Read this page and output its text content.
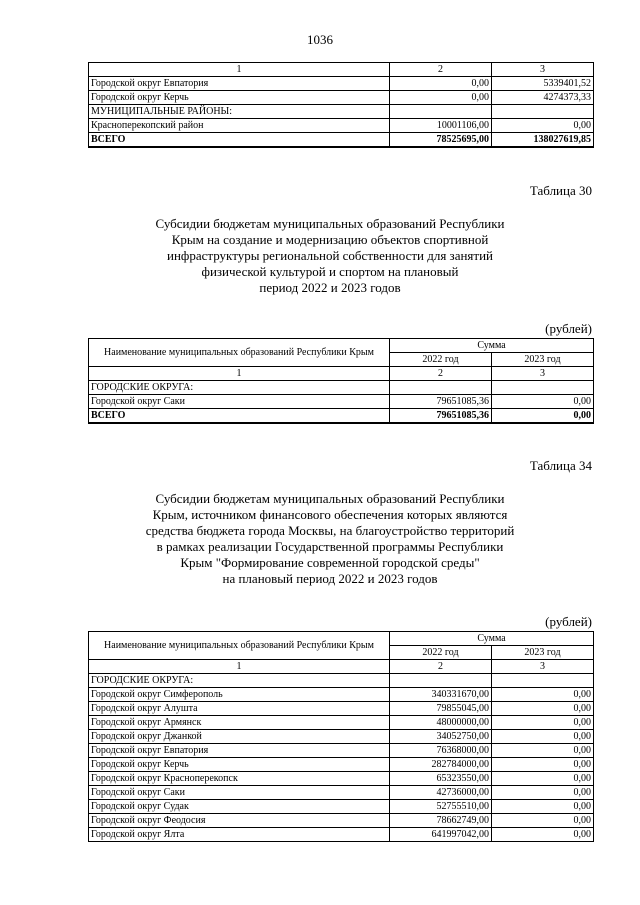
1036
1	2	3
Городской округ Евпатория	0,00	5339401,52
Городской округ Керчь	0,00	4274373,33
МУНИЦИПАЛЬНЫЕ РАЙОНЫ:		
Красноперекопский район	10001106,00	0,00
ВСЕГО	78525695,00	138027619,85
Таблица 30
Субсидии бюджетам муниципальных образований Республики
Крым на создание и модернизацию объектов спортивной
инфраструктуры региональной собственности для занятий
физической культурой и спортом на плановый
период 2022 и 2023 годов
(рублей)
Наименование муниципальных образований Республики Крым	Сумма	
	2022 год	2023 год
1	2	3
ГОРОДСКИЕ ОКРУГА:		
Городской округ Саки	79651085,36	0,00
ВСЕГО	79651085,36	0,00
Таблица 34
Субсидии бюджетам муниципальных образований Республики
Крым, источником финансового обеспечения которых являются
средства бюджета города Москвы, на благоустройство территорий
в рамках реализации Государственной программы Республики
Крым "Формирование современной городской среды"
на плановый период 2022 и 2023 годов
(рублей)
Наименование муниципальных образований Республики Крым	Сумма	
	2022 год	2023 год
1	2	3
ГОРОДСКИЕ ОКРУГА:		
Городской округ Симферополь	340331670,00	0,00
Городской округ Алушта	79855045,00	0,00
Городской округ Армянск	48000000,00	0,00
Городской округ Джанкой	34052750,00	0,00
Городской округ Евпатория	76368000,00	0,00
Городской округ Керчь	282784000,00	0,00
Городской округ Красноперекопск	65323550,00	0,00
Городской округ Саки	42736000,00	0,00
Городской округ Судак	52755510,00	0,00
Городской округ Феодосия	78662749,00	0,00
Городской округ Ялта	641997042,00	0,00
